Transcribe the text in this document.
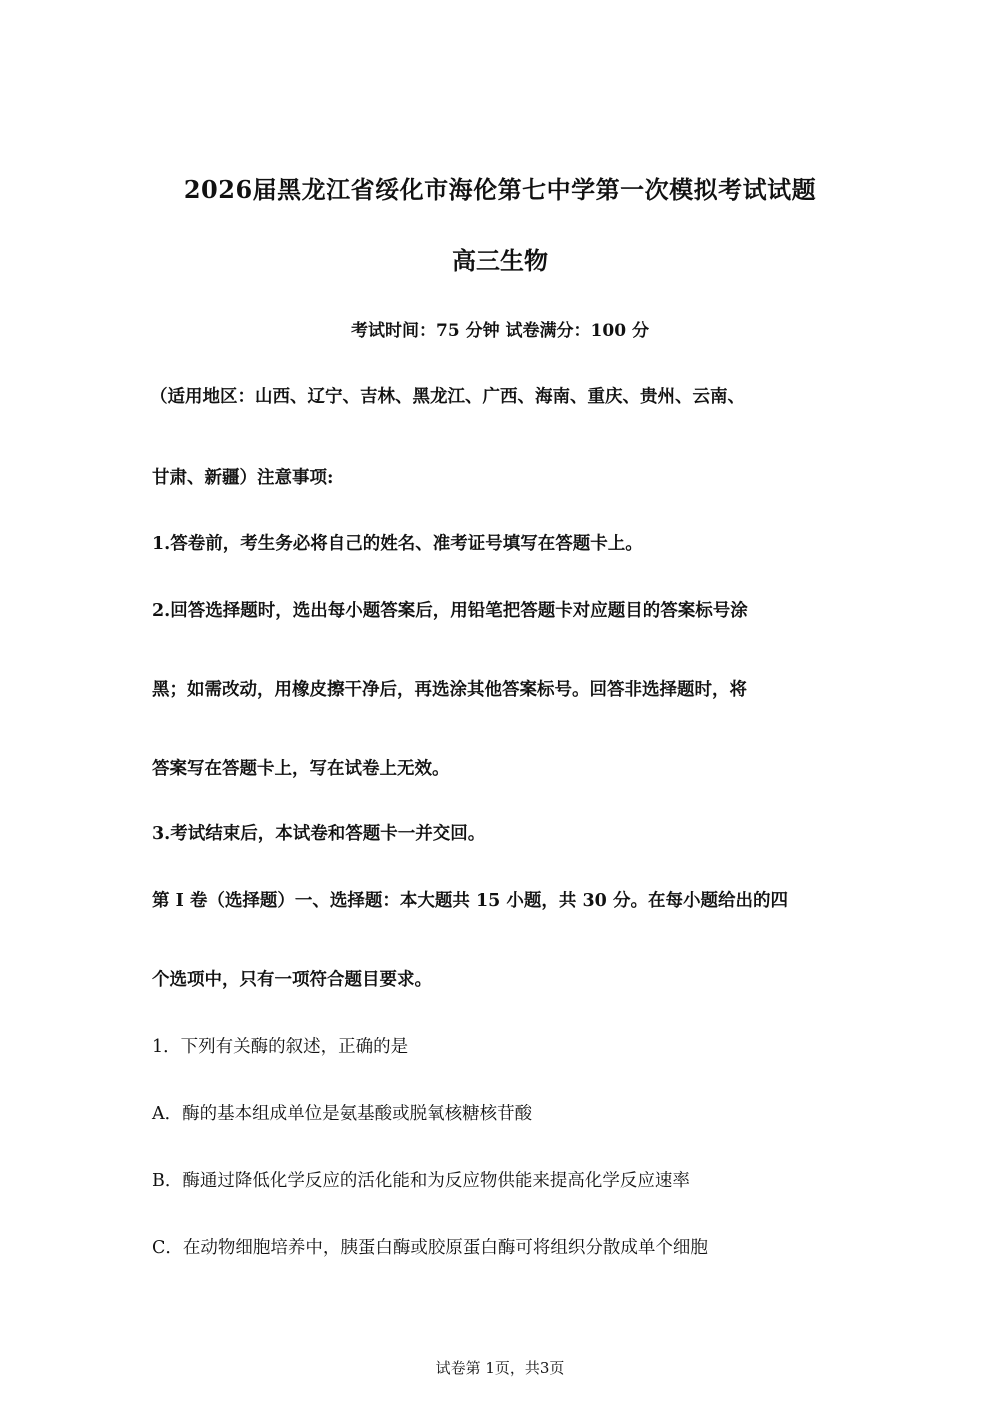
2026届黑龙江省绥化市海伦第七中学第一次模拟考试试题
高三生物
考试时间：75 分钟 试卷满分：100 分
（适用地区：山西、辽宁、吉林、黑龙江、广西、海南、重庆、贵州、云南、
甘肃、新疆）注意事项:
1.答卷前，考生务必将自己的姓名、准考证号填写在答题卡上。
2.回答选择题时，选出每小题答案后，用铅笔把答题卡对应题目的答案标号涂
黑；如需改动，用橡皮擦干净后，再选涂其他答案标号。回答非选择题时，将
答案写在答题卡上，写在试卷上无效。
3.考试结束后，本试卷和答题卡一并交回。
第 I 卷（选择题）一、选择题：本大题共 15 小题，共 30 分。在每小题给出的四
个选项中，只有一项符合题目要求。
1．下列有关酶的叙述，正确的是
A．酶的基本组成单位是氨基酸或脱氧核糖核苷酸
B．酶通过降低化学反应的活化能和为反应物供能来提高化学反应速率
C．在动物细胞培养中，胰蛋白酶或胶原蛋白酶可将组织分散成单个细胞
试卷第 1页，共3页
